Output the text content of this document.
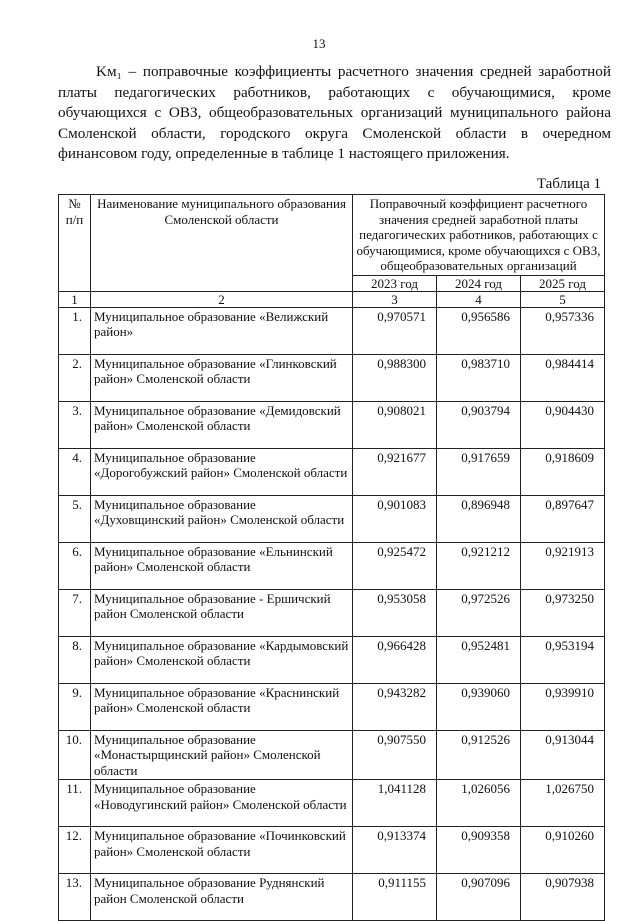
13

Kм₁ – поправочные коэффициенты расчетного значения средней заработной платы педагогических работников, работающих с обучающимися, кроме обучающихся с ОВЗ, общеобразовательных организаций муниципального района Смоленской области, городского округа Смоленской области в очередном финансовом году, определенные в таблице 1 настоящего приложения.

Таблица 1
№ п/п	Наименование муниципального образования Смоленской области	Поправочный коэффициент расчетного значения средней заработной платы педагогических работников, работающих с обучающимися, кроме обучающихся с ОВЗ, общеобразовательных организаций		
		2023 год	2024 год	2025 год
1	2	3	4	5
1.	Муниципальное образование «Велижский район»	0,970571	0,956586	0,957336
2.	Муниципальное образование «Глинковский район» Смоленской области	0,988300	0,983710	0,984414
3.	Муниципальное образование «Демидовский район» Смоленской области	0,908021	0,903794	0,904430
4.	Муниципальное образование «Дорогобужский район» Смоленской области	0,921677	0,917659	0,918609
5.	Муниципальное образование «Духовщинский район» Смоленской области	0,901083	0,896948	0,897647
6.	Муниципальное образование «Ельнинский район» Смоленской области	0,925472	0,921212	0,921913
7.	Муниципальное образование - Ершичский район Смоленской области	0,953058	0,972526	0,973250
8.	Муниципальное образование «Кардымовский район» Смоленской области	0,966428	0,952481	0,953194
9.	Муниципальное образование «Краснинский район» Смоленской области	0,943282	0,939060	0,939910
10.	Муниципальное образование «Монастырщинский район» Смоленской области	0,907550	0,912526	0,913044
11.	Муниципальное образование «Новодугинский район» Смоленской области	1,041128	1,026056	1,026750
12.	Муниципальное образование «Починковский район» Смоленской области	0,913374	0,909358	0,910260
13.	Муниципальное образование Руднянский район Смоленской области	0,911155	0,907096	0,907938
